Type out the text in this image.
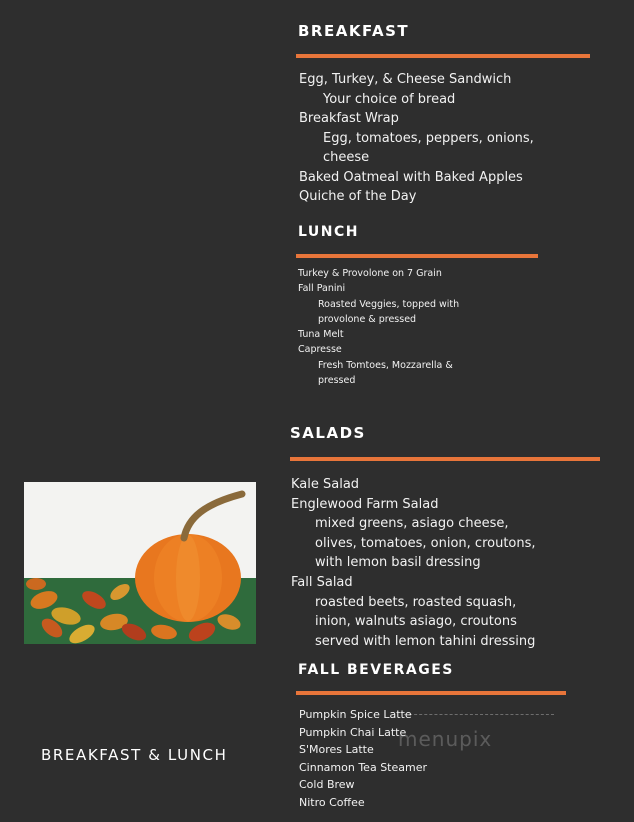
BREAKFAST
Egg, Turkey, & Cheese Sandwich
Your choice of bread
Breakfast Wrap
Egg, tomatoes, peppers, onions,
cheese
Baked Oatmeal with Baked Apples
Quiche of the Day
LUNCH
Turkey & Provolone on 7 Grain
Fall Panini
Roasted Veggies, topped with
provolone & pressed
Tuna Melt
Capresse
Fresh Tomtoes, Mozzarella &
pressed
SALADS
Kale Salad
Englewood Farm Salad
mixed greens, asiago cheese,
olives, tomatoes, onion, croutons,
with lemon basil dressing
Fall Salad
roasted beets, roasted squash,
inion, walnuts asiago, croutons
served with lemon tahini dressing
FALL BEVERAGES
Pumpkin Spice Latte
Pumpkin Chai Latte
S'Mores Latte
Cinnamon Tea Steamer
Cold Brew
Nitro Coffee
BREAKFAST & LUNCH
menupix
